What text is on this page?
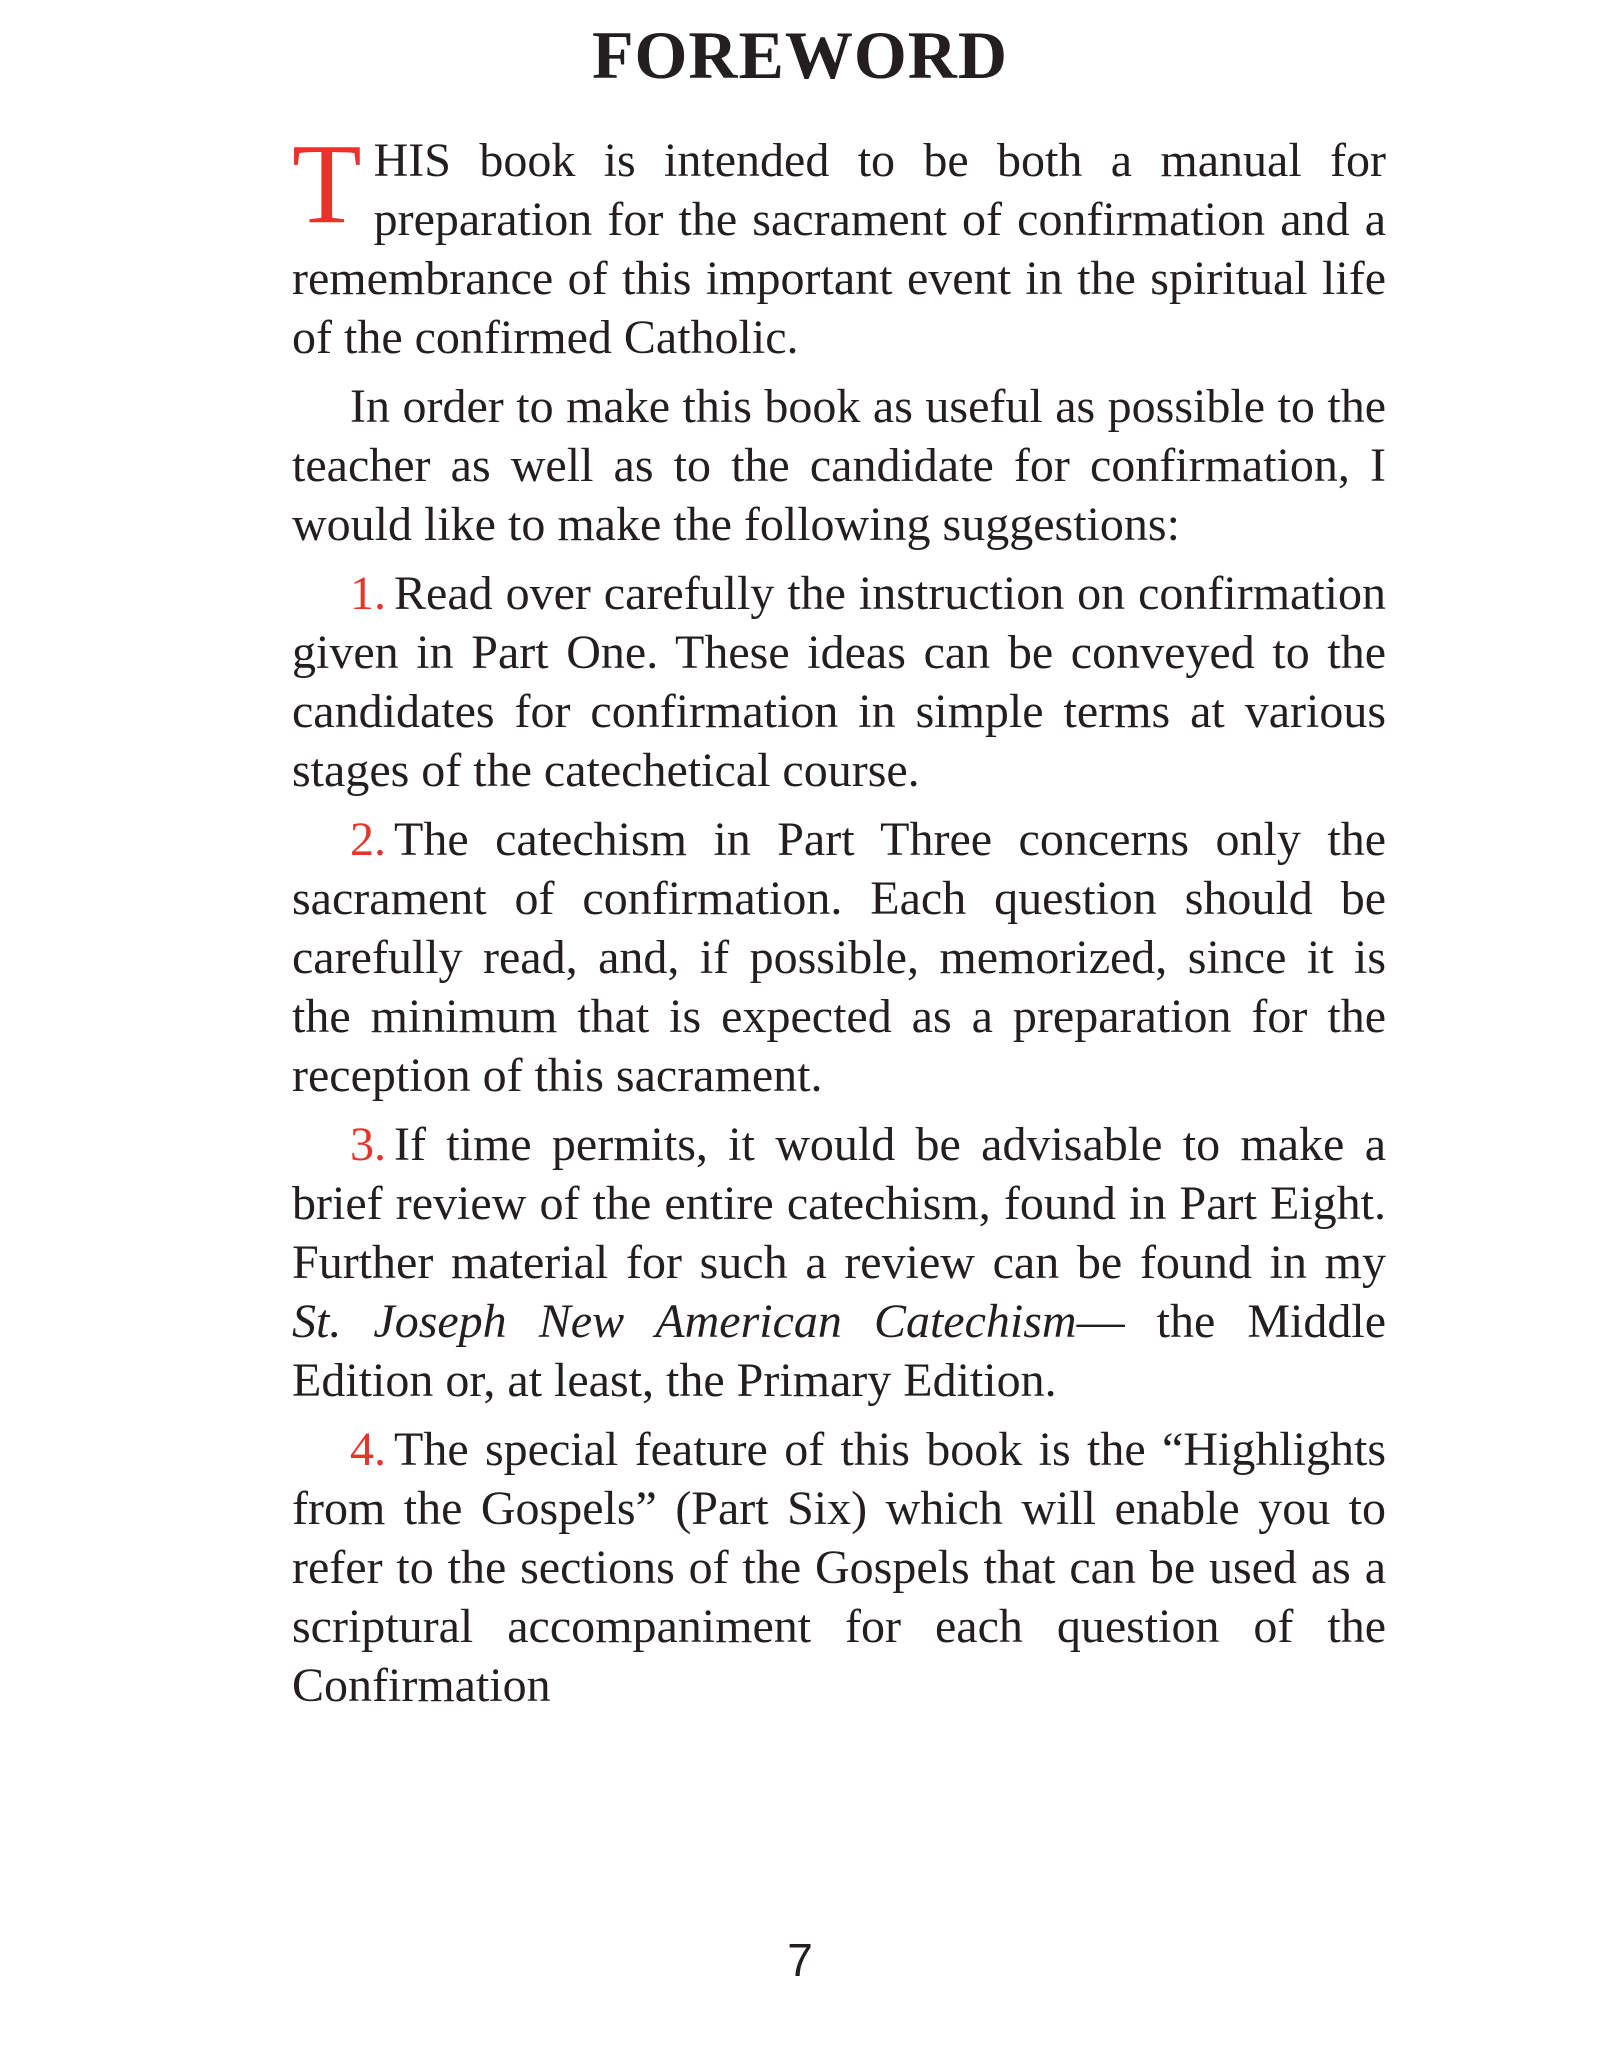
FOREWORD

THIS book is intended to be both a manual for preparation for the sacrament of confirmation and a remembrance of this important event in the spiritual life of the confirmed Catholic.

In order to make this book as useful as possible to the teacher as well as to the candidate for confirmation, I would like to make the following suggestions:

1. Read over carefully the instruction on confirmation given in Part One. These ideas can be conveyed to the candidates for confirmation in simple terms at various stages of the catechetical course.

2. The catechism in Part Three concerns only the sacrament of confirmation. Each question should be carefully read, and, if possible, memorized, since it is the minimum that is expected as a preparation for the reception of this sacrament.

3. If time permits, it would be advisable to make a brief review of the entire catechism, found in Part Eight. Further material for such a review can be found in my St. Joseph New American Catechism— the Middle Edition or, at least, the Primary Edition.

4. The special feature of this book is the “Highlights from the Gospels” (Part Six) which will enable you to refer to the sections of the Gospels that can be used as a scriptural accompaniment for each question of the Confirmation

7
